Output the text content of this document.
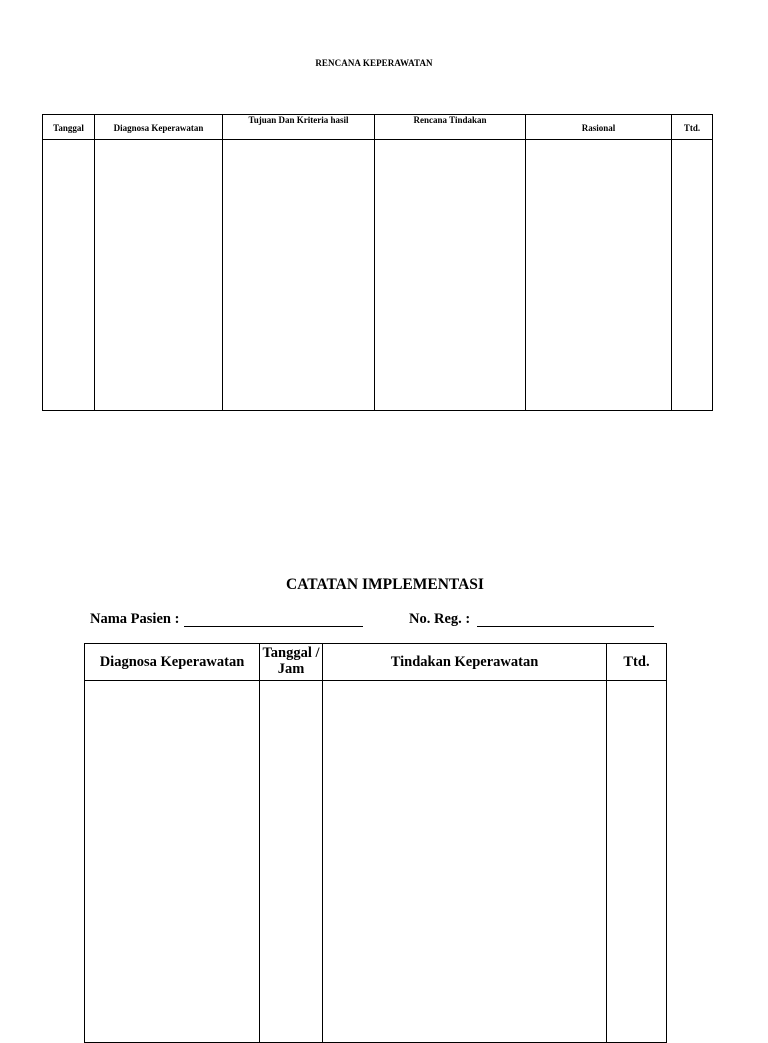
RENCANA KEPERAWATAN
Tanggal	Diagnosa Keperawatan	Tujuan Dan Kriteria hasil	Rencana Tindakan	Rasional	Ttd.

CATATAN IMPLEMENTASI
Nama Pasien :	No. Reg. :
Diagnosa Keperawatan	Tanggal / Jam	Tindakan Keperawatan	Ttd.
